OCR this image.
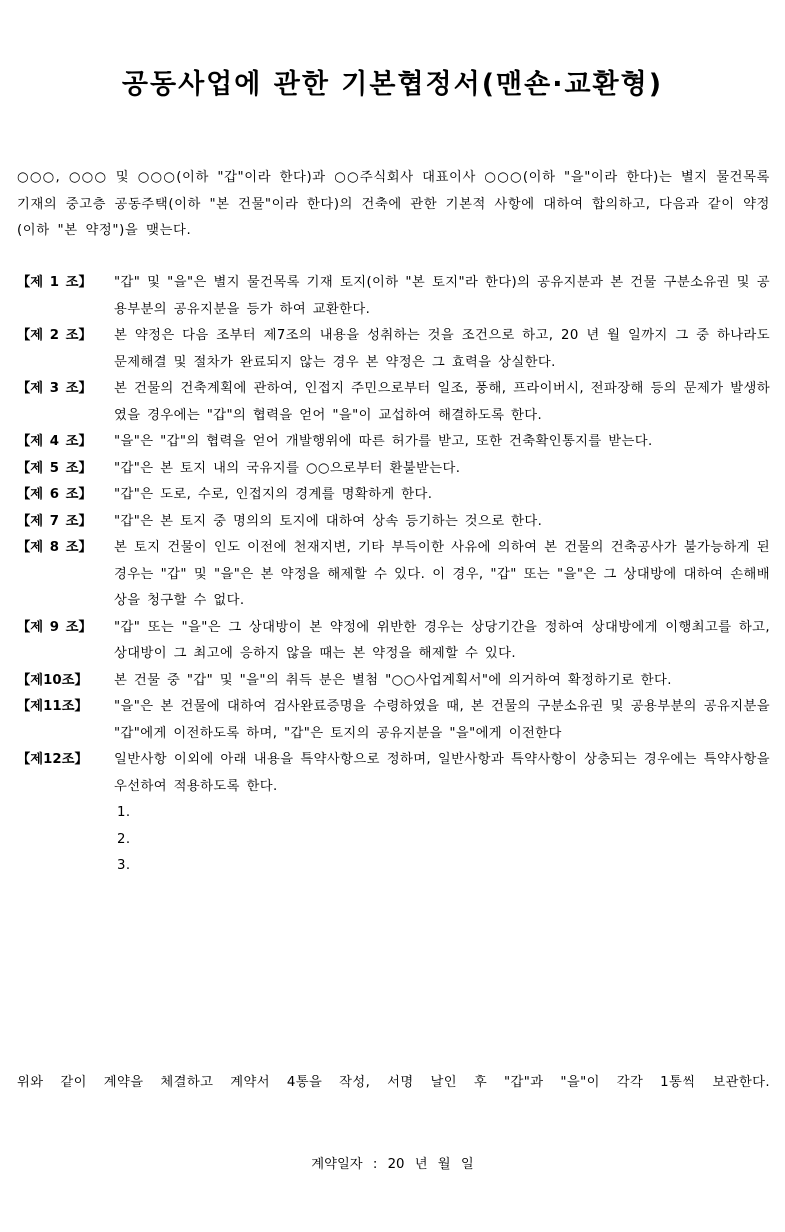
공동사업에 관한 기본협정서(맨숀·교환형)
○○○, ○○○ 및 ○○○(이하 "갑"이라 한다)과 ○○주식회사 대표이사 ○○○(이하 "을"이라 한다)는 별지 물건목록 기재의 중고층 공동주택(이하 "본 건물"이라 한다)의 건축에 관한 기본적 사항에 대하여 합의하고, 다음과 같이 약정(이하 "본 약정")을 맺는다.
【제 1 조】	"갑" 및 "을"은 별지 물건목록 기재 토지(이하 "본 토지"라 한다)의 공유지분과 본 건물 구분소유권 및 공용부분의 공유지분을 등가 하여 교환한다.
【제 2 조】	본 약정은 다음 조부터 제7조의 내용을 성취하는 것을 조건으로 하고, 20 년 월 일까지 그 중 하나라도 문제해결 및 절차가 완료되지 않는 경우 본 약정은 그 효력을 상실한다.
【제 3 조】	본 건물의 건축계획에 관하여, 인접지 주민으로부터 일조, 풍해, 프라이버시, 전파장해 등의 문제가 발생하였을 경우에는 "갑"의 협력을 얻어 "을"이 교섭하여 해결하도록 한다.
【제 4 조】	"을"은 "갑"의 협력을 얻어 개발행위에 따른 허가를 받고, 또한 건축확인통지를 받는다.
【제 5 조】	"갑"은 본 토지 내의 국유지를 ○○으로부터 환불받는다.
【제 6 조】	"갑"은 도로, 수로, 인접지의 경계를 명확하게 한다.
【제 7 조】	"갑"은 본 토지 중 명의의 토지에 대하여 상속 등기하는 것으로 한다.
【제 8 조】	본 토지 건물이 인도 이전에 천재지변, 기타 부득이한 사유에 의하여 본 건물의 건축공사가 불가능하게 된 경우는 "갑" 및 "을"은 본 약정을 해제할 수 있다. 이 경우, "갑" 또는 "을"은 그 상대방에 대하여 손해배상을 청구할 수 없다.
【제 9 조】	"갑" 또는 "을"은 그 상대방이 본 약정에 위반한 경우는 상당기간을 정하여 상대방에게 이행최고를 하고, 상대방이 그 최고에 응하지 않을 때는 본 약정을 해제할 수 있다.
【제10조】	본 건물 중 "갑" 및 "을"의 취득 분은 별첨 "○○사업계획서"에 의거하여 확정하기로 한다.
【제11조】	"을"은 본 건물에 대하여 검사완료증명을 수령하였을 때, 본 건물의 구분소유권 및 공용부분의 공유지분을 "갑"에게 이전하도록 하며, "갑"은 토지의 공유지분을 "을"에게 이전한다
【제12조】	일반사항 이외에 아래 내용을 특약사항으로 정하며, 일반사항과 특약사항이 상충되는 경우에는 특약사항을 우선하여 적용하도록 한다.
1.
2.
3.
위와 같이 계약을 체결하고 계약서 4통을 작성, 서명 날인 후 "갑"과 "을"이 각각 1통씩 보관한다.
계약일자 : 20 년 월 일
